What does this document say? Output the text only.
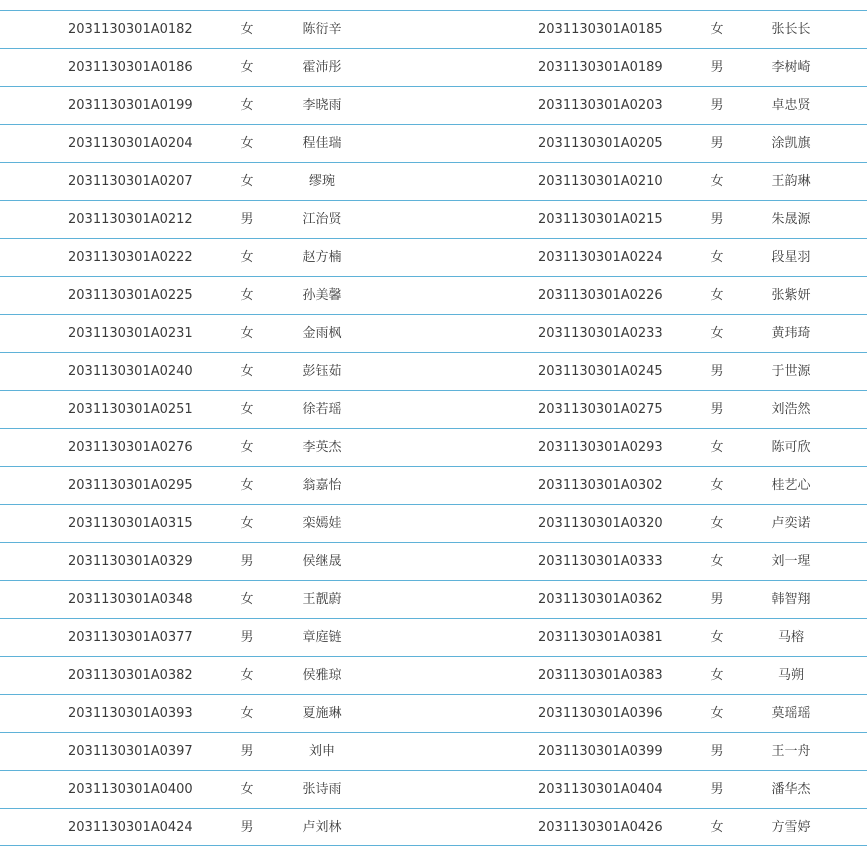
2031130301A0182	女	陈衍辛	2031130301A0185	女	张长长
2031130301A0186	女	霍沛彤	2031130301A0189	男	李树崎
2031130301A0199	女	李晓雨	2031130301A0203	男	卓忠贤
2031130301A0204	女	程佳瑞	2031130301A0205	男	涂凯旗
2031130301A0207	女	缪琬	2031130301A0210	女	王韵琳
2031130301A0212	男	江治贤	2031130301A0215	男	朱晟源
2031130301A0222	女	赵方楠	2031130301A0224	女	段星羽
2031130301A0225	女	孙美馨	2031130301A0226	女	张紫妍
2031130301A0231	女	金雨枫	2031130301A0233	女	黄玮琦
2031130301A0240	女	彭钰茹	2031130301A0245	男	于世源
2031130301A0251	女	徐若瑶	2031130301A0275	男	刘浩然
2031130301A0276	女	李英杰	2031130301A0293	女	陈可欣
2031130301A0295	女	翁嘉怡	2031130301A0302	女	桂艺心
2031130301A0315	女	栾嫣娃	2031130301A0320	女	卢奕诺
2031130301A0329	男	侯继晟	2031130301A0333	女	刘一瑆
2031130301A0348	女	王靓蔚	2031130301A0362	男	韩智翔
2031130301A0377	男	章庭链	2031130301A0381	女	马榕
2031130301A0382	女	侯雅琼	2031130301A0383	女	马朔
2031130301A0393	女	夏施琳	2031130301A0396	女	莫瑶瑶
2031130301A0397	男	刘申	2031130301A0399	男	王一舟
2031130301A0400	女	张诗雨	2031130301A0404	男	潘华杰
2031130301A0424	男	卢刘林	2031130301A0426	女	方雪婷
